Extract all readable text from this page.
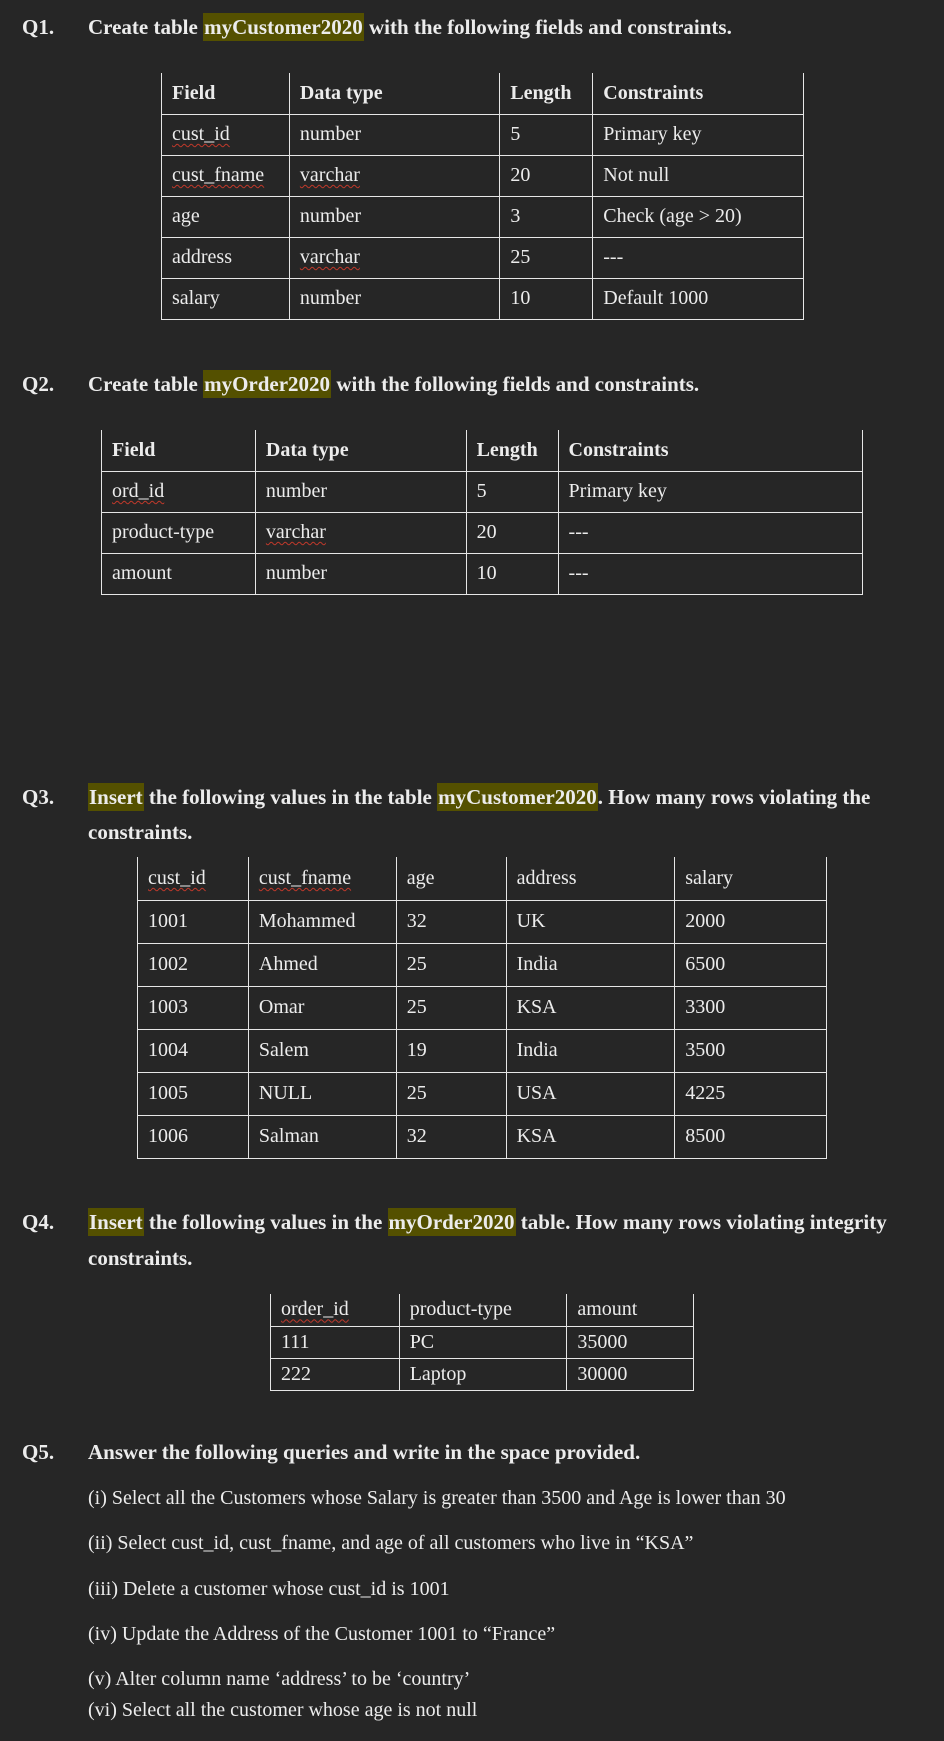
Q1. Create table myCustomer2020 with the following fields and constraints.
Field	Data type	Length	Constraints
cust_id	number	5	Primary key
cust_fname	varchar	20	Not null
age	number	3	Check (age > 20)
address	varchar	25	---
salary	number	10	Default 1000
Q2. Create table myOrder2020 with the following fields and constraints.
Field	Data type	Length	Constraints
ord_id	number	5	Primary key
product-type	varchar	20	---
amount	number	10	---
Q3. Insert the following values in the table myCustomer2020. How many rows violating the
constraints.
cust_id	cust_fname	age	address	salary
1001	Mohammed	32	UK	2000
1002	Ahmed	25	India	6500
1003	Omar	25	KSA	3300
1004	Salem	19	India	3500
1005	NULL	25	USA	4225
1006	Salman	32	KSA	8500
Q4. Insert the following values in the myOrder2020 table. How many rows violating integrity
constraints.
order_id	product-type	amount
111	PC	35000
222	Laptop	30000
Q5. Answer the following queries and write in the space provided.
(i) Select all the Customers whose Salary is greater than 3500 and Age is lower than 30
(ii) Select cust_id, cust_fname, and age of all customers who live in “KSA”
(iii) Delete a customer whose cust_id is 1001
(iv) Update the Address of the Customer 1001 to “France”
(v) Alter column name ‘address’ to be ‘country’
(vi) Select all the customer whose age is not null
